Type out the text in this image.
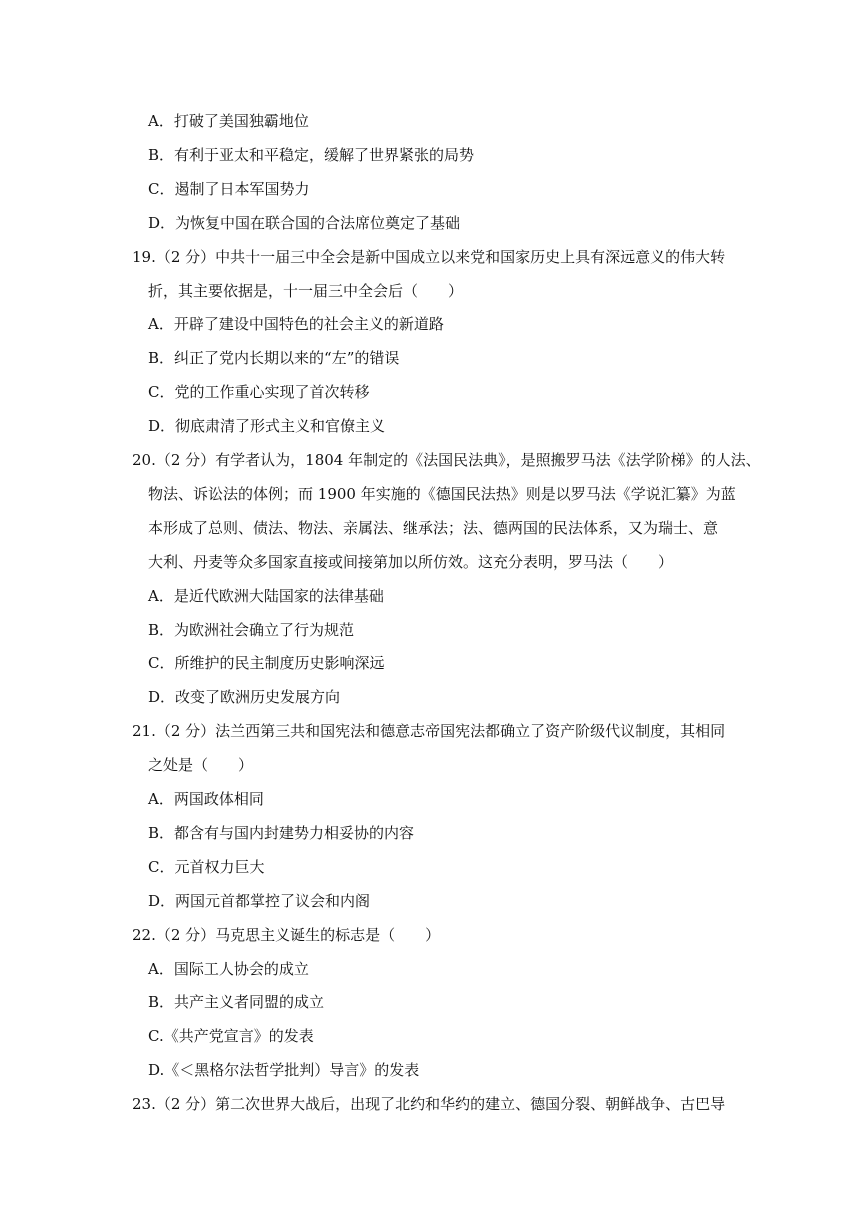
A．打破了美国独霸地位
B．有利于亚太和平稳定，缓解了世界紧张的局势
C．遏制了日本军国势力
D．为恢复中国在联合国的合法席位奠定了基础
19.（2 分）中共十一届三中全会是新中国成立以来党和国家历史上具有深远意义的伟大转
折，其主要依据是，十一届三中全会后（　　）
A．开辟了建设中国特色的社会主义的新道路
B．纠正了党内长期以来的“左”的错误
C．党的工作重心实现了首次转移
D．彻底肃清了形式主义和官僚主义
20.（2 分）有学者认为，1804 年制定的《法国民法典》，是照搬罗马法《法学阶梯》的人法、
物法、诉讼法的体例；而 1900 年实施的《德国民法热》则是以罗马法《学说汇纂》为蓝
本形成了总则、债法、物法、亲属法、继承法；法、德两国的民法体系，又为瑞士、意
大利、丹麦等众多国家直接或间接第加以所仿效。这充分表明，罗马法（　　）
A．是近代欧洲大陆国家的法律基础
B．为欧洲社会确立了行为规范
C．所维护的民主制度历史影响深远
D．改变了欧洲历史发展方向
21.（2 分）法兰西第三共和国宪法和德意志帝国宪法都确立了资产阶级代议制度，其相同
之处是（　　）
A．两国政体相同
B．都含有与国内封建势力相妥协的内容
C．元首权力巨大
D．两国元首都掌控了议会和内阁
22.（2 分）马克思主义诞生的标志是（　　）
A．国际工人协会的成立
B．共产主义者同盟的成立
C.《共产党宣言》的发表
D.《＜黑格尔法哲学批判）导言》的发表
23.（2 分）第二次世界大战后，出现了北约和华约的建立、德国分裂、朝鲜战争、古巴导
